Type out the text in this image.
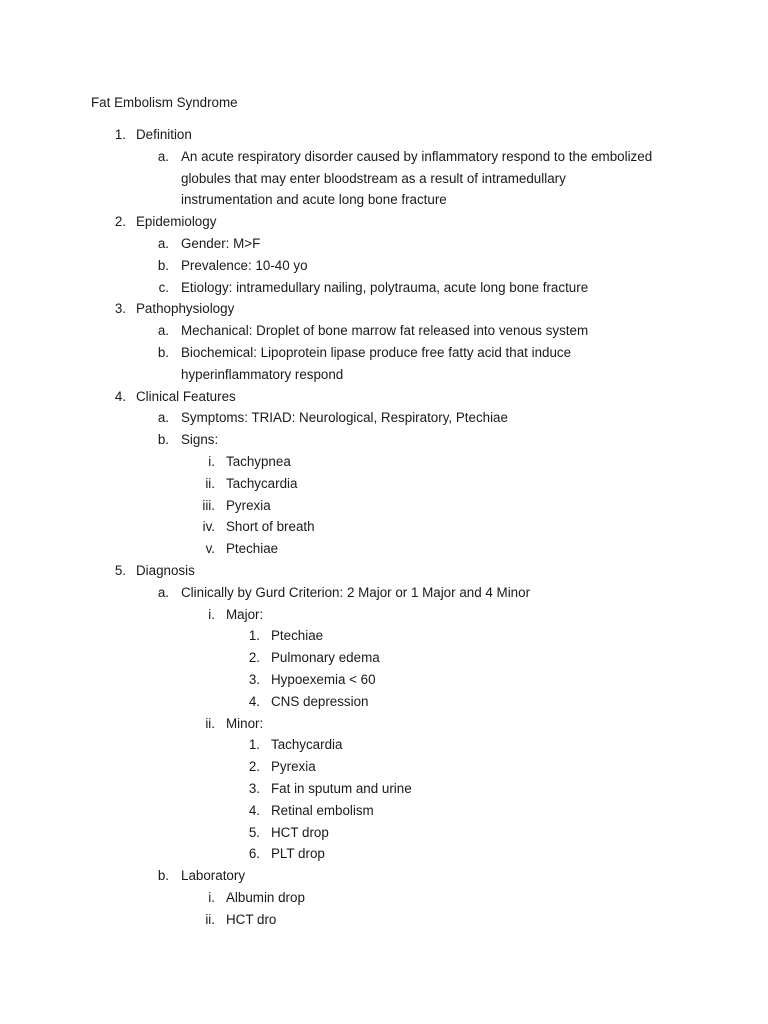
Fat Embolism Syndrome
1. Definition
a. An acute respiratory disorder caused by inflammatory respond to the embolized
globules that may enter bloodstream as a result of intramedullary
instrumentation and acute long bone fracture
2. Epidemiology
a. Gender: M>F
b. Prevalence: 10-40 yo
c. Etiology: intramedullary nailing, polytrauma, acute long bone fracture
3. Pathophysiology
a. Mechanical: Droplet of bone marrow fat released into venous system
b. Biochemical: Lipoprotein lipase produce free fatty acid that induce
hyperinflammatory respond
4. Clinical Features
a. Symptoms: TRIAD: Neurological, Respiratory, Ptechiae
b. Signs:
i. Tachypnea
ii. Tachycardia
iii. Pyrexia
iv. Short of breath
v. Ptechiae
5. Diagnosis
a. Clinically by Gurd Criterion: 2 Major or 1 Major and 4 Minor
i. Major:
1. Ptechiae
2. Pulmonary edema
3. Hypoexemia < 60
4. CNS depression
ii. Minor:
1. Tachycardia
2. Pyrexia
3. Fat in sputum and urine
4. Retinal embolism
5. HCT drop
6. PLT drop
b. Laboratory
i. Albumin drop
ii. HCT dro
